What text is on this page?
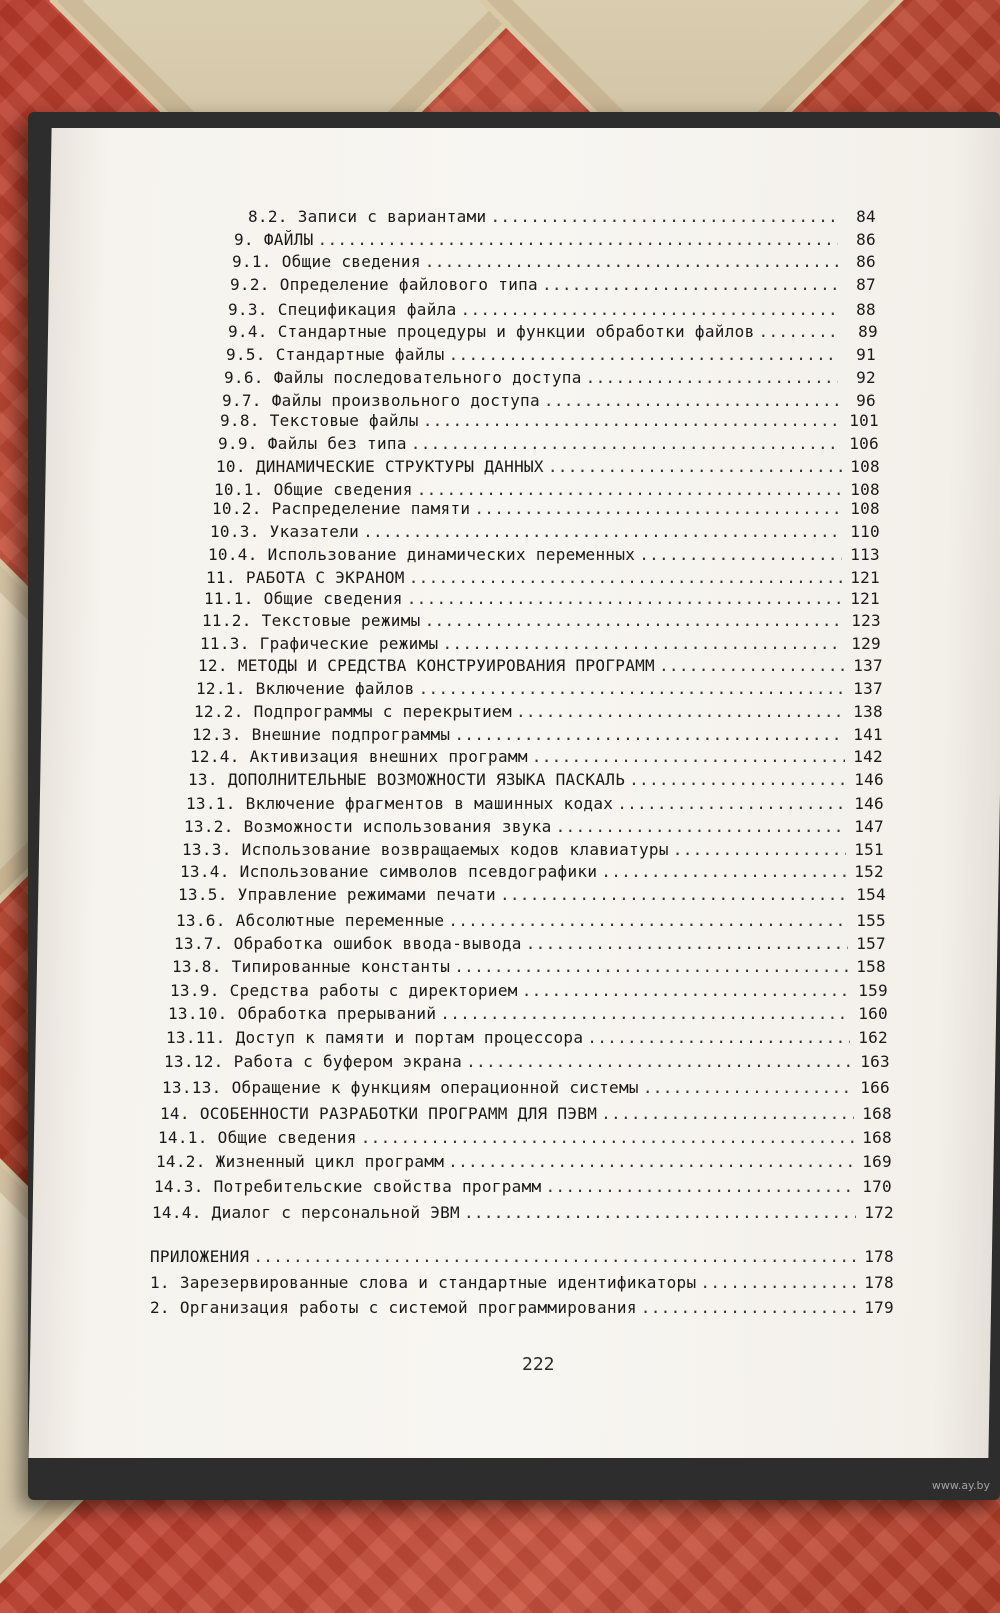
8.2. Записи с вариантами .....	84
9. ФАЙЛЫ .....	86
9.1. Общие сведения .....	86
9.2. Определение файлового типа .....	87
9.3. Спецификация файла .....	88
9.4. Стандартные процедуры и функции обработки файлов .....	89
9.5. Стандартные файлы .....	91
9.6. Файлы последовательного доступа .....	92
9.7. Файлы произвольного доступа .....	96
9.8. Текстовые файлы .....	101
9.9. Файлы без типа .....	106
10. ДИНАМИЧЕСКИЕ СТРУКТУРЫ ДАННЫХ .....	108
10.1. Общие сведения .....	108
10.2. Распределение памяти .....	108
10.3. Указатели .....	110
10.4. Использование динамических переменных .....	113
11. РАБОТА С ЭКРАНОМ .....	121
11.1. Общие сведения .....	121
11.2. Текстовые режимы .....	123
11.3. Графические режимы .....	129
12. МЕТОДЫ И СРЕДСТВА КОНСТРУИРОВАНИЯ ПРОГРАММ .....	137
12.1. Включение файлов .....	137
12.2. Подпрограммы с перекрытием .....	138
12.3. Внешние подпрограммы .....	141
12.4. Активизация внешних программ .....	142
13. ДОПОЛНИТЕЛЬНЫЕ ВОЗМОЖНОСТИ ЯЗЫКА ПАСКАЛЬ .....	146
13.1. Включение фрагментов в машинных кодах .....	146
13.2. Возможности использования звука .....	147
13.3. Использование возвращаемых кодов клавиатуры .....	151
13.4. Использование символов псевдографики .....	152
13.5. Управление режимами печати .....	154
13.6. Абсолютные переменные .....	155
13.7. Обработка ошибок ввода-вывода .....	157
13.8. Типированные константы .....	158
13.9. Средства работы с директорием .....	159
13.10. Обработка прерываний .....	160
13.11. Доступ к памяти и портам процессора .....	162
13.12. Работа с буфером экрана .....	163
13.13. Обращение к функциям операционной системы .....	166
14. ОСОБЕННОСТИ РАЗРАБОТКИ ПРОГРАММ ДЛЯ ПЭВМ .....	168
14.1. Общие сведения .....	168
14.2. Жизненный цикл программ .....	169
14.3. Потребительские свойства программ .....	170
14.4. Диалог с персональной ЭВМ .....	172
ПРИЛОЖЕНИЯ .....	178
1. Зарезервированные слова и стандартные идентификаторы .....	178
2. Организация работы с системой программирования .....	179
222
www.ay.by
